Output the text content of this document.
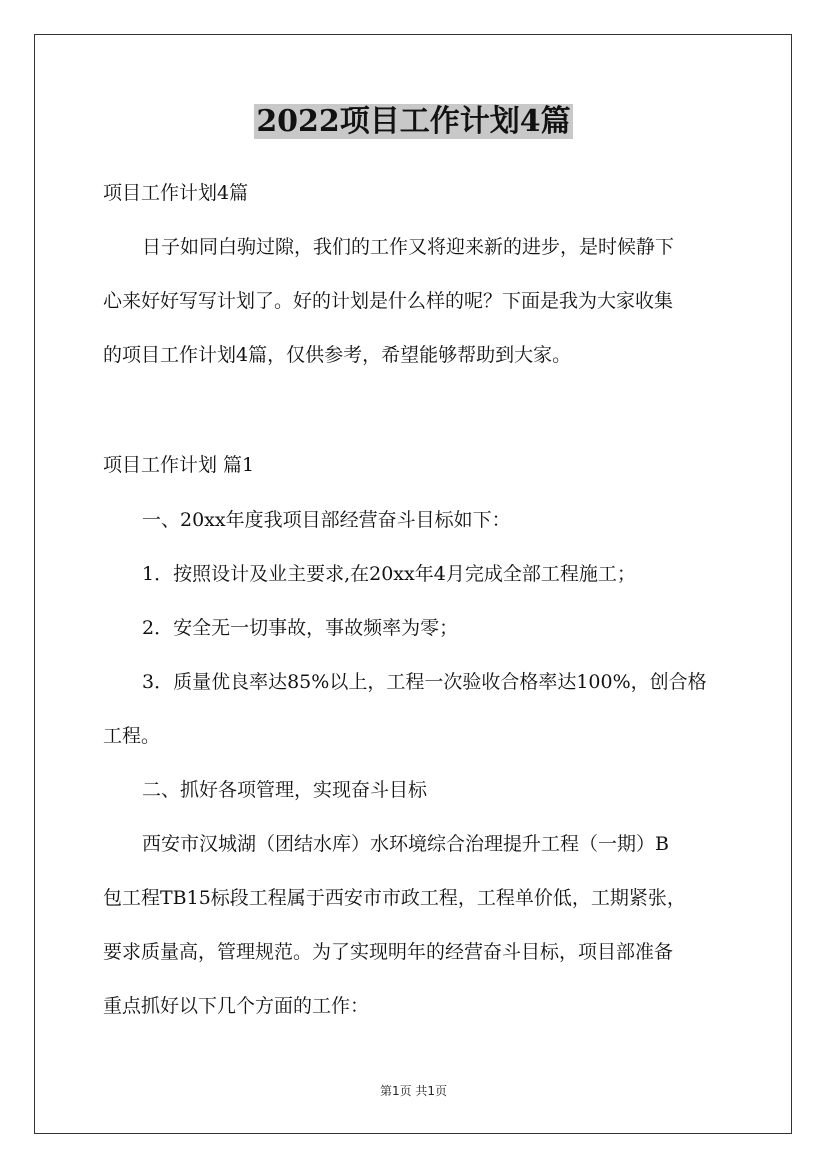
2022项目工作计划4篇

项目工作计划4篇

日子如同白驹过隙，我们的工作又将迎来新的进步，是时候静下

心来好好写写计划了。好的计划是什么样的呢？下面是我为大家收集

的项目工作计划4篇，仅供参考，希望能够帮助到大家。

项目工作计划 篇1

一、20xx年度我项目部经营奋斗目标如下：

1．按照设计及业主要求,在20xx年4月完成全部工程施工；

2．安全无一切事故，事故频率为零；

3．质量优良率达85%以上，工程一次验收合格率达100%，创合格

工程。

二、抓好各项管理，实现奋斗目标

西安市汉城湖（团结水库）水环境综合治理提升工程（一期）B

包工程TB15标段工程属于西安市市政工程，工程单价低，工期紧张，

要求质量高，管理规范。为了实现明年的经营奋斗目标，项目部准备

重点抓好以下几个方面的工作：

第1页 共1页
